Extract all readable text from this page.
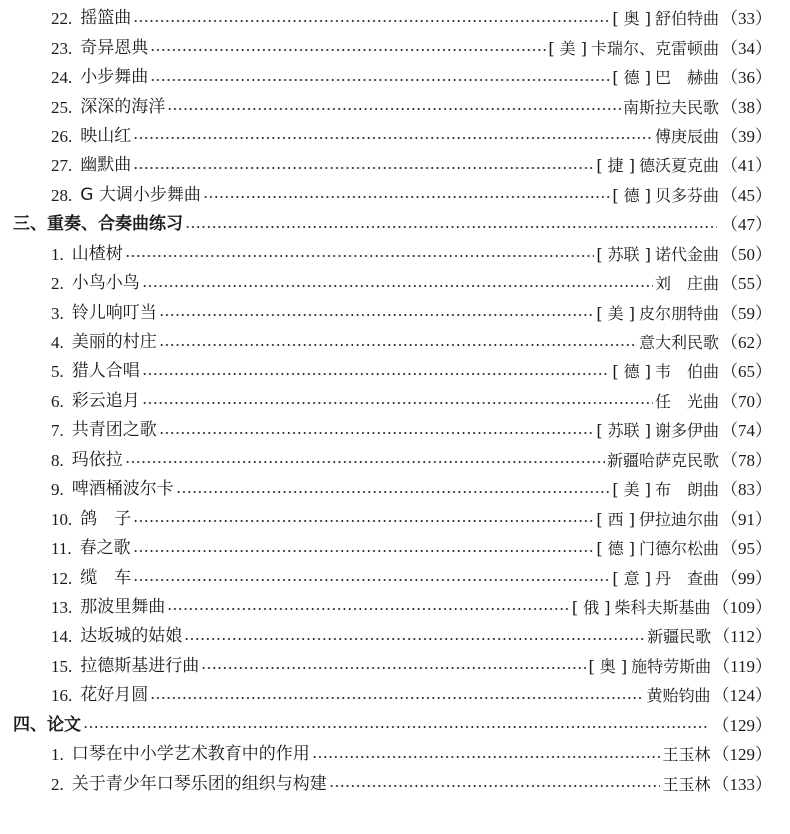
22. 摇篮曲	[ 奥 ] 舒伯特曲 （33）
23. 奇异恩典	[ 美 ] 卡瑞尔、克雷顿曲 （34）
24. 小步舞曲	[ 德 ] 巴　赫曲 （36）
25. 深深的海洋	南斯拉夫民歌 （38）
26. 映山红	傅庚辰曲 （39）
27. 幽默曲	[ 捷 ] 德沃夏克曲 （41）
28. G 大调小步舞曲	[ 德 ] 贝多芬曲 （45）
三、 重奏、合奏曲练习	（47）
1. 山楂树	[ 苏联 ] 诺代金曲 （50）
2. 小鸟小鸟	刘　庄曲 （55）
3. 铃儿响叮当	[ 美 ] 皮尔朋特曲 （59）
4. 美丽的村庄	意大利民歌 （62）
5. 猎人合唱	[ 德 ] 韦　伯曲 （65）
6. 彩云追月	任　光曲 （70）
7. 共青团之歌	[ 苏联 ] 谢多伊曲 （74）
8. 玛依拉	新疆哈萨克民歌 （78）
9. 啤酒桶波尔卡	[ 美 ] 布　朗曲 （83）
10. 鸽　子	[ 西 ] 伊拉迪尔曲 （91）
11. 春之歌	[ 德 ] 门德尔松曲 （95）
12. 缆　车	[ 意 ] 丹　查曲 （99）
13. 那波里舞曲	[ 俄 ] 柴科夫斯基曲 （109）
14. 达坂城的姑娘	新疆民歌 （112）
15. 拉德斯基进行曲	[ 奥 ] 施特劳斯曲 （119）
16. 花好月圆	黄贻钧曲 （124）
四、 论文	（129）
1. 口琴在中小学艺术教育中的作用	王玉林 （129）
2. 关于青少年口琴乐团的组织与构建	王玉林 （133）
